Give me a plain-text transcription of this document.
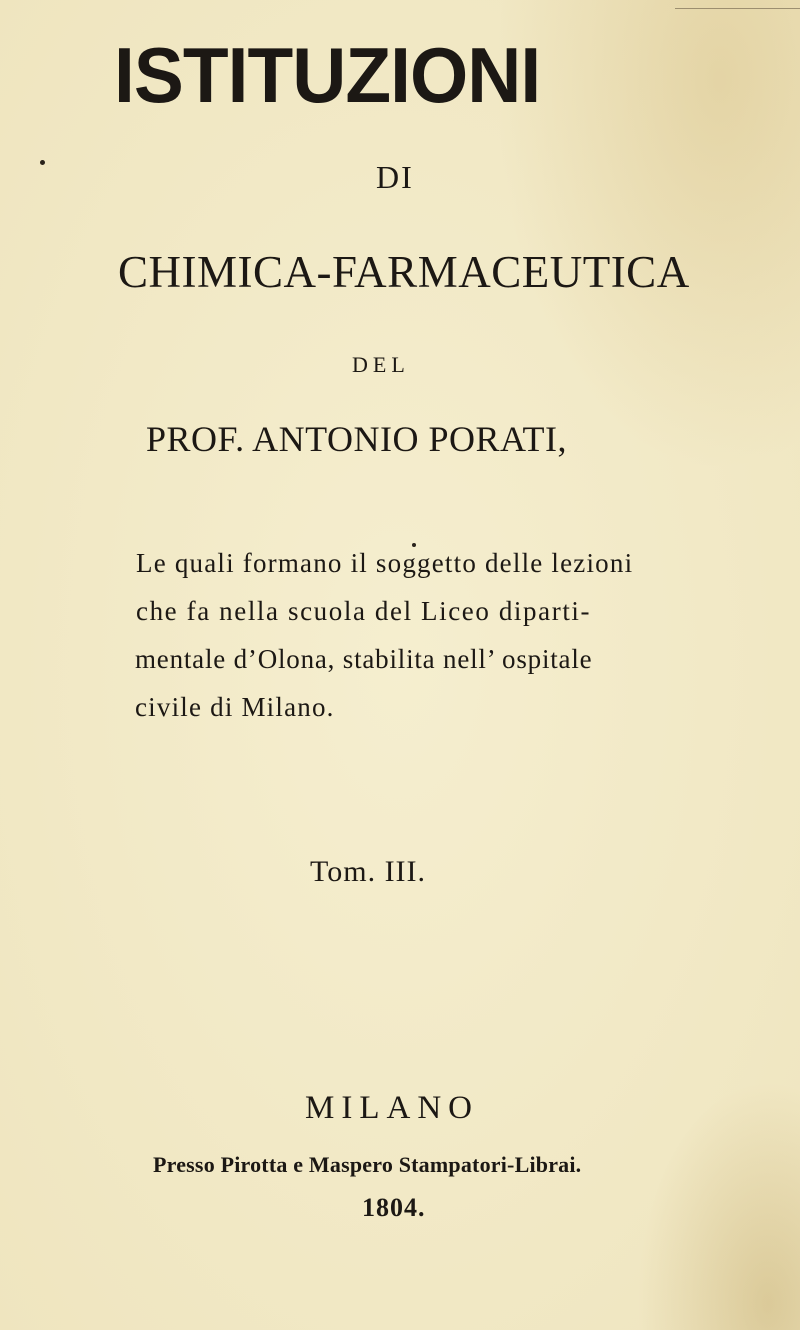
ISTITUZIONI
DI
CHIMICA-FARMACEUTICA
DEL
PROF. ANTONIO PORATI,
Le quali formano il soggetto delle lezioni
che fa nella scuola del Liceo diparti-
mentale d’Olona, stabilita nell’ ospitale
civile di Milano.
Tom. III.
MILANO
Presso Pirotta e Maspero Stampatori-Librai.
1804.
